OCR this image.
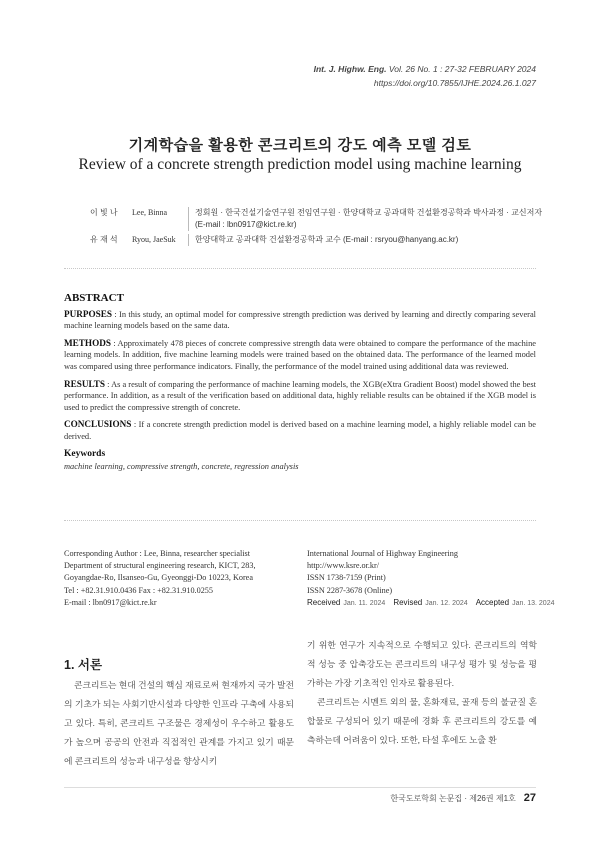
Int. J. Highw. Eng. Vol. 26 No. 1 : 27-32 FEBRUARY 2024
https://doi.org/10.7855/IJHE.2024.26.1.027
기계학습을 활용한 콘크리트의 강도 예측 모델 검토
Review of a concrete strength prediction model using machine learning
이 빛 나	Lee, Binna	정회원 · 한국건설기술연구원 전임연구원 · 한양대학교 공과대학 건설환경공학과 박사과정 · 교신저자
(E-mail : lbn0917@kict.re.kr)
유 재 석	Ryou, JaeSuk	한양대학교 공과대학 건설환경공학과 교수 (E-mail : rsryou@hanyang.ac.kr)
ABSTRACT

PURPOSES : In this study, an optimal model for compressive strength prediction was derived by learning and directly comparing several machine learning models based on the same data.

METHODS : Approximately 478 pieces of concrete compressive strength data were obtained to compare the performance of the machine learning models. In addition, five machine learning models were trained based on the obtained data. The performance of the learned model was compared using three performance indicators. Finally, the performance of the model trained using additional data was reviewed.

RESULTS : As a result of comparing the performance of machine learning models, the XGB(eXtra Gradient Boost) model showed the best performance. In addition, as a result of the verification based on additional data, highly reliable results can be obtained if the XGB model is used to predict the compressive strength of concrete.

CONCLUSIONS : If a concrete strength prediction model is derived based on a machine learning model, a highly reliable model can be derived.

Keywords

machine learning, compressive strength, concrete, regression analysis

Corresponding Author : Lee, Binna, researcher specialist
Department of structural engineering research, KICT, 283,
Goyangdae-Ro, Ilsanseo-Gu, Gyeonggi-Do 10223, Korea
Tel : +82.31.910.0436 Fax : +82.31.910.0255
E-mail : lbn0917@kict.re.kr
International Journal of Highway Engineering
http://www.ksre.or.kr/
ISSN 1738-7159 (Print)
ISSN 2287-3678 (Online)
Received Jan. 11. 2024 Revised Jan. 12. 2024 Accepted Jan. 13. 2024
1. 서론

콘크리트는 현대 건설의 핵심 재료로써 현재까지 국가 발전의 기초가 되는 사회기반시설과 다양한 인프라 구축에 사용되고 있다. 특히, 콘크리트 구조물은 경제성이 우수하고 활용도가 높으며 공공의 안전과 직접적인 관계를 가지고 있기 때문에 콘크리트의 성능과 내구성을 향상시키

기 위한 연구가 지속적으로 수행되고 있다. 콘크리트의 역학적 성능 중 압축강도는 콘크리트의 내구성 평가 및 성능을 평가하는 가장 기초적인 인자로 활용된다.

콘크리트는 시멘트 외의 물, 혼화재료, 골재 등의 불균질 혼합물로 구성되어 있기 때문에 경화 후 콘크리트의 강도를 예측하는데 어려움이 있다. 또한, 타설 후에도 노출 환

한국도로학회 논문집 · 제26권 제1호 27
